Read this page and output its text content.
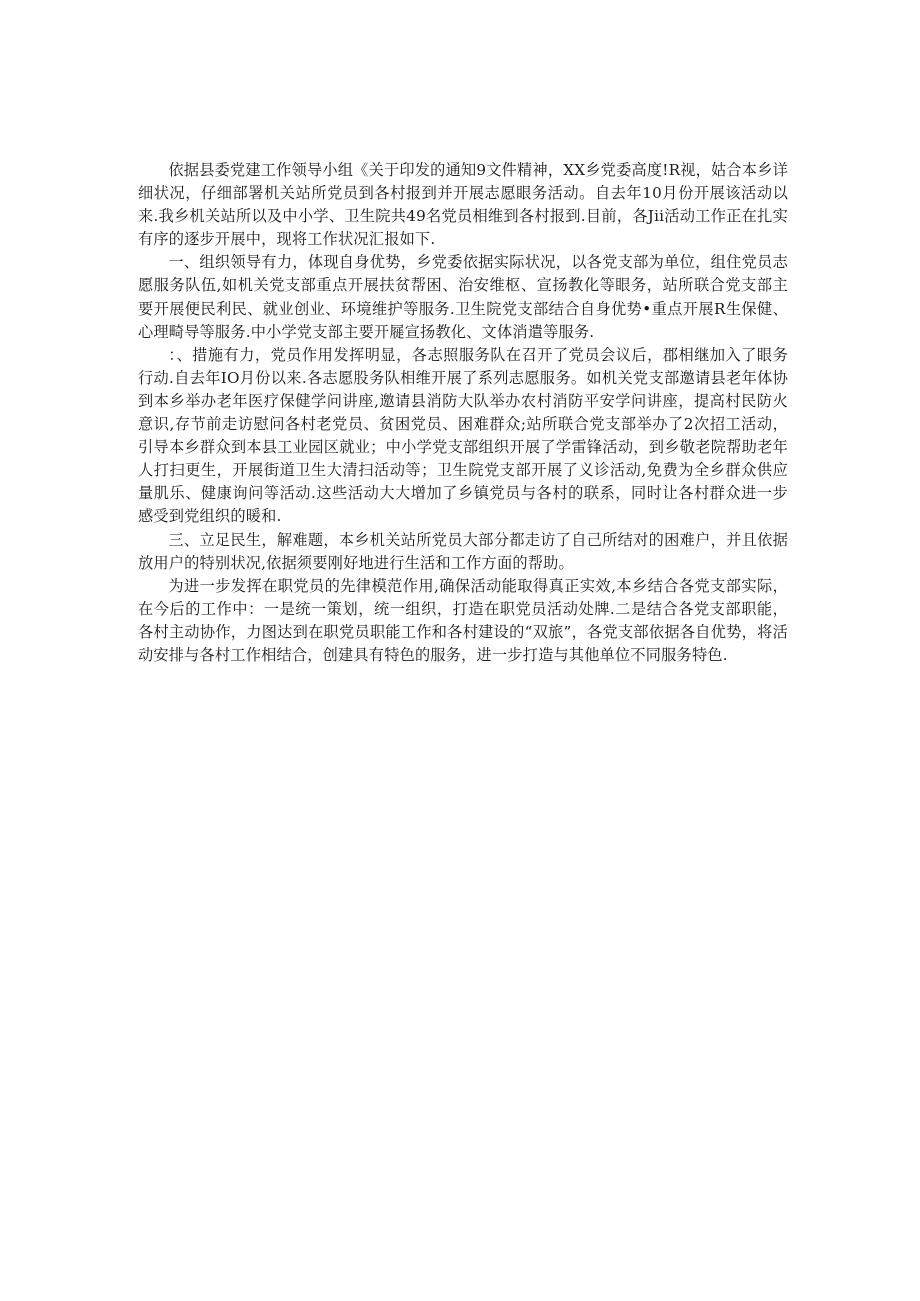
依据县委党建工作领导小组《关于印发的通知9文件精神，XX乡党委高度!R视，姑合本乡详细状况，仔细部署机关站所党员到各村报到并开展志愿眼务活动。自去年10月份开展该活动以来.我乡机关站所以及中小学、卫生院共49名党员相维到各村报到.目前，各Jii活动工作正在扎实有序的逐步开展中，现将工作状况汇报如下.

一、组织领导有力，体现自身优势，乡党委依据实际状况，以各党支部为单位，组住党员志愿服务队伍,如机关党支部重点开展扶贫帮困、治安维枢、宣扬教化等眼务，站所联合党支部主要开展便民利民、就业创业、环境维护等服务.卫生院党支部结合自身优势•重点开展R生保健、心理畸导等服务.中小学党支部主要开屣宣扬教化、文体消遣等服务.

：、措施有力，党员作用发挥明显，各志照服务队在召开了党员会议后，郡相继加入了眼务行动.自去年IO月份以来.各志愿股务队相维开展了系列志愿服务。如机关党支部邀请县老年体协到本乡举办老年医疗保健学问讲座,邀请县消防大队举办农村消防平安学问讲座，提高村民防火意识,存节前走访慰问各村老党员、贫困党员、困难群众;站所联合党支部举办了2次招工活动，引导本乡群众到本县工业园区就业；中小学党支部组织开展了学雷锋活动，到乡敬老院帮助老年人打扫更生，开展街道卫生大清扫活动等；卫生院党支部开展了义诊活动,免费为全乡群众供应量肌乐、健康询问等活动.这些活动大大增加了乡镇党员与各村的联系，同时让各村群众进一步感受到党组织的暖和.

三、立足民生，解难题，本乡机关站所党员大部分都走访了自己所结对的困难户，并且依据放用户的特别状况,依据须要刚好地进行生活和工作方面的帮助。

为进一步发挥在职党员的先律模范作用,确保活动能取得真正实效,本乡结合各党支部实际，在今后的工作中：一是统一策划，统一组织，打造在职党员活动处牌.二是结合各党支部职能，各村主动协作，力图达到在职党员职能工作和各村建设的“双旅”，各党支部依据各自优势，将活动安排与各村工作相结合，创建具有特色的服务，进一步打造与其他单位不同服务特色.
